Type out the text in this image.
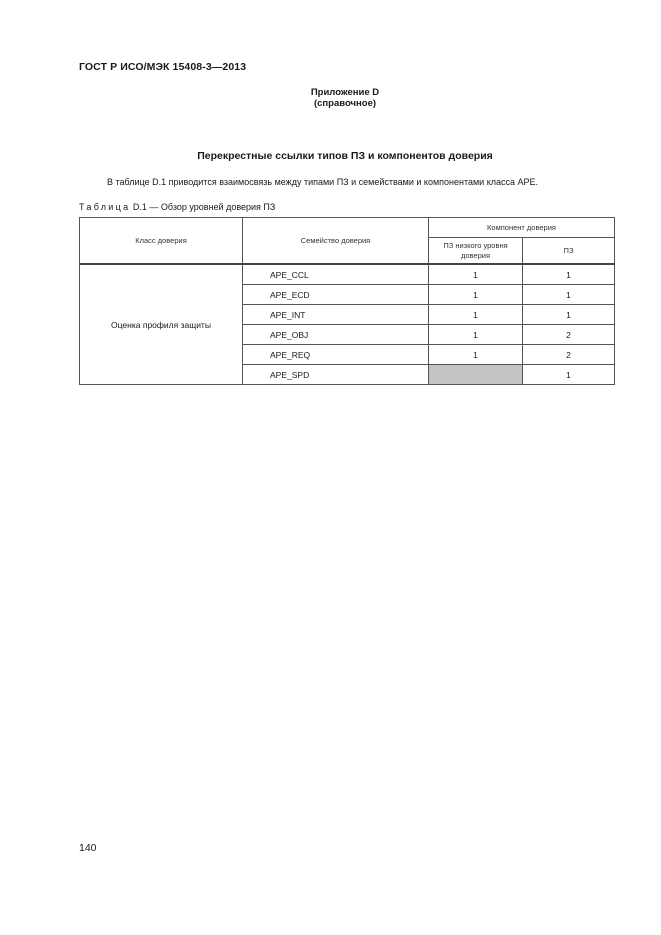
ГОСТ Р ИСО/МЭК 15408-3—2013
Приложение D
(справочное)
Перекрестные ссылки типов ПЗ и компонентов доверия
В таблице D.1 приводится взаимосвязь между типами ПЗ и семействами и компонентами класса АРЕ.
Таблица D.1 — Обзор уровней доверия ПЗ
Класс доверия	Семейство доверия	Компонент доверия	
		ПЗ низкого уровня доверия	ПЗ
Оценка профиля защиты	APE_CCL	1	1
	APE_ECD	1	1
	APE_INT	1	1
	APE_OBJ	1	2
	APE_REQ	1	2
	APE_SPD		1
140
